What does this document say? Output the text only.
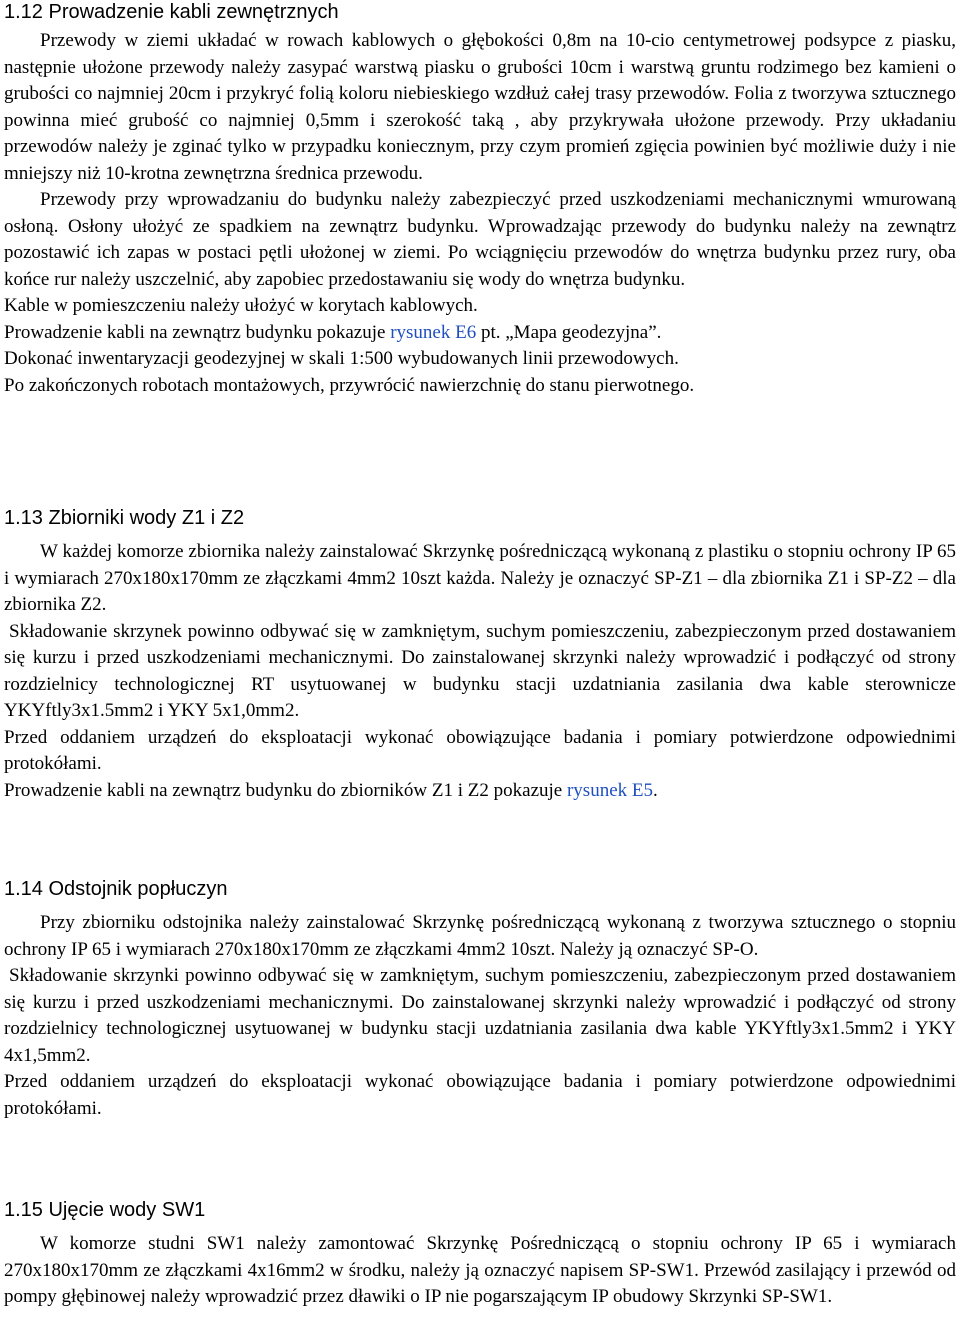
1.12 Prowadzenie kabli zewnętrznych

Przewody w ziemi układać w rowach kablowych o głębokości 0,8m na 10-cio centymetrowej podsypce z piasku, następnie ułożone przewody należy zasypać warstwą piasku o grubości 10cm i warstwą gruntu rodzimego bez kamieni o grubości co najmniej 20cm i przykryć folią koloru niebieskiego wzdłuż całej trasy przewodów. Folia z tworzywa sztucznego powinna mieć grubość co najmniej 0,5mm i szerokość taką , aby przykrywała ułożone przewody. Przy układaniu przewodów należy je zginać tylko w przypadku koniecznym, przy czym promień zgięcia powinien być możliwie duży i nie mniejszy niż 10-krotna zewnętrzna średnica przewodu.

Przewody przy wprowadzaniu do budynku należy zabezpieczyć przed uszkodzeniami mechanicznymi wmurowaną osłoną. Osłony ułożyć ze spadkiem na zewnątrz budynku. Wprowadzając przewody do budynku należy na zewnątrz pozostawić ich zapas w postaci pętli ułożonej w ziemi. Po wciągnięciu przewodów do wnętrza budynku przez rury, oba końce rur należy uszczelnić, aby zapobiec przedostawaniu się wody do wnętrza budynku.

Kable w pomieszczeniu należy ułożyć w korytach kablowych.

Prowadzenie kabli na zewnątrz budynku pokazuje rysunek E6 pt. „Mapa geodezyjna”.

Dokonać inwentaryzacji geodezyjnej w skali 1:500 wybudowanych linii przewodowych.

Po zakończonych robotach montażowych, przywrócić nawierzchnię do stanu pierwotnego.

1.13 Zbiorniki wody Z1 i Z2

W każdej komorze zbiornika należy zainstalować Skrzynkę pośredniczącą wykonaną z plastiku o stopniu ochrony IP 65 i wymiarach 270x180x170mm ze złączkami 4mm2 10szt każda. Należy je oznaczyć SP-Z1 – dla zbiornika Z1 i SP-Z2 – dla zbiornika Z2.

Składowanie skrzynek powinno odbywać się w zamkniętym, suchym pomieszczeniu, zabezpieczonym przed dostawaniem się kurzu i przed uszkodzeniami mechanicznymi. Do zainstalowanej skrzynki należy wprowadzić i podłączyć od strony rozdzielnicy technologicznej RT usytuowanej w budynku stacji uzdatniania zasilania dwa kable sterownicze YKYftly3x1.5mm2 i YKY 5x1,0mm2.

Przed oddaniem urządzeń do eksploatacji wykonać obowiązujące badania i pomiary potwierdzone odpowiednimi protokółami.

Prowadzenie kabli na zewnątrz budynku do zbiorników Z1 i Z2 pokazuje rysunek E5.

1.14 Odstojnik popłuczyn

Przy zbiorniku odstojnika należy zainstalować Skrzynkę pośredniczącą wykonaną z tworzywa sztucznego o stopniu ochrony IP 65 i wymiarach 270x180x170mm ze złączkami 4mm2 10szt. Należy ją oznaczyć SP-O.

Składowanie skrzynki powinno odbywać się w zamkniętym, suchym pomieszczeniu, zabezpieczonym przed dostawaniem się kurzu i przed uszkodzeniami mechanicznymi. Do zainstalowanej skrzynki należy wprowadzić i podłączyć od strony rozdzielnicy technologicznej usytuowanej w budynku stacji uzdatniania zasilania dwa kable YKYftly3x1.5mm2 i YKY 4x1,5mm2.

Przed oddaniem urządzeń do eksploatacji wykonać obowiązujące badania i pomiary potwierdzone odpowiednimi protokółami.

1.15 Ujęcie wody SW1

W komorze studni SW1 należy zamontować Skrzynkę Pośredniczącą o stopniu ochrony IP 65 i wymiarach 270x180x170mm ze złączkami 4x16mm2 w środku, należy ją oznaczyć napisem SP-SW1. Przewód zasilający i przewód od pompy głębinowej należy wprowadzić przez dławiki o IP nie pogarszającym IP obudowy Skrzynki SP-SW1.
